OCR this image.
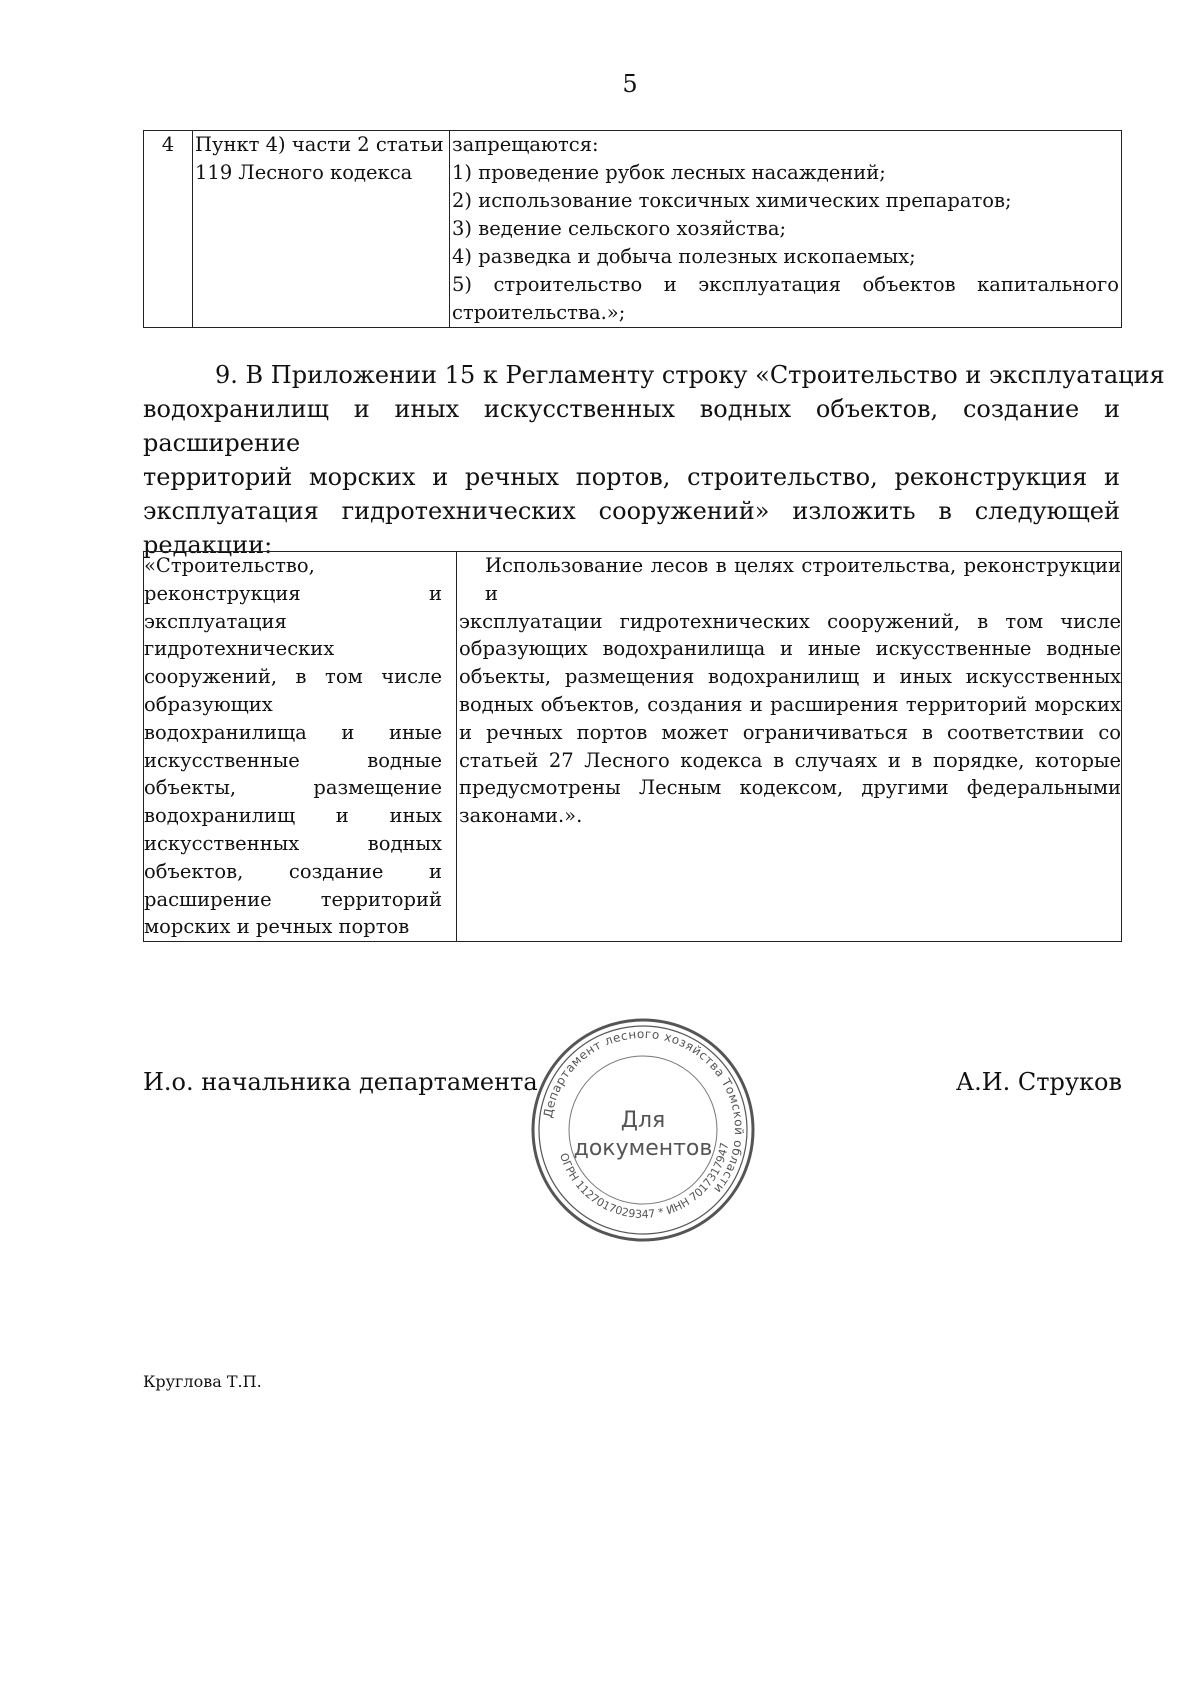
5
4	Пункт 4) части 2 статьи
119 Лесного кодекса

запрещаются:
1) проведение рубок лесных насаждений;
2) использование токсичных химических препаратов;
3) ведение сельского хозяйства;
4) разведка и добыча полезных ископаемых;
5) строительство и эксплуатация объектов капитального
строительства.»;
9. В Приложении 15 к Регламенту строку «Строительство и эксплуатация
водохранилищ и иных искусственных водных объектов, создание и расширение
территорий морских и речных портов, строительство, реконструкция и
эксплуатация гидротехнических сооружений» изложить в следующей
редакции:
«Строительство,
реконструкция и
эксплуатация
гидротехнических
сооружений, в том числе
образующих
водохранилища и иные
искусственные водные
объекты, размещение
водохранилищ и иных
искусственных водных
объектов, создание и
расширение территорий
морских и речных портов

Использование лесов в целях строительства, реконструкции и
эксплуатации гидротехнических сооружений, в том числе
образующих водохранилища и иные искусственные водные
объекты, размещения водохранилищ и иных искусственных
водных объектов, создания и расширения территорий морских
и речных портов может ограничиваться в соответствии со
статьей 27 Лесного кодекса в случаях и в порядке, которые
предусмотрены Лесным кодексом, другими федеральными
законами.».
И.о. начальника департамента	А.И. Струков
Департамент лесного хозяйства Томской области
ОГРН 1127017029347 * ИНН 7017317947
Для
документов
Круглова Т.П.
